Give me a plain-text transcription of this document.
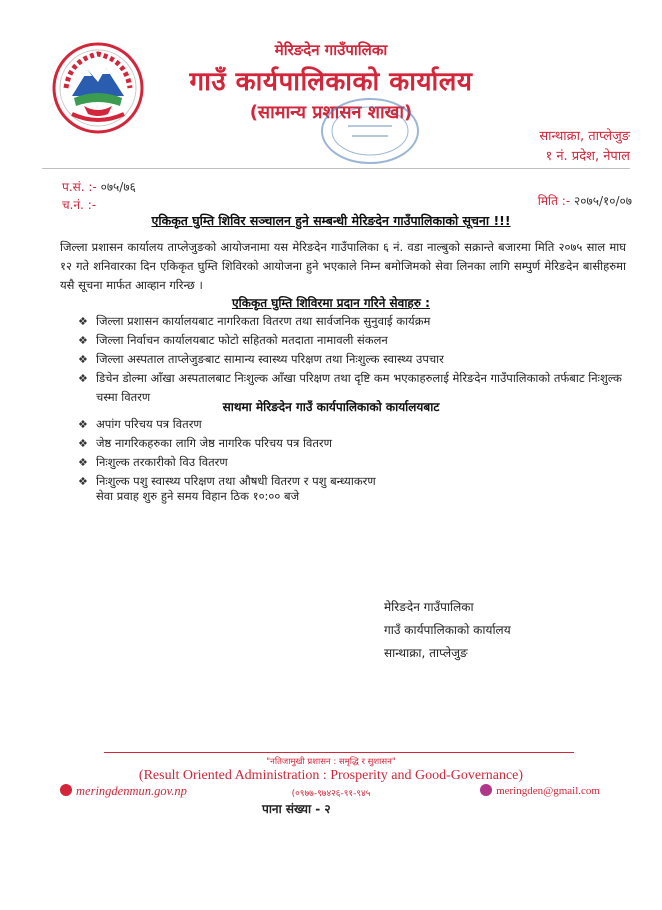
मेरिङदेन गाउँपालिका
गाउँ कार्यपालिकाको कार्यालय
(सामान्य प्रशासन शाखा)
सान्थाक्रा, ताप्लेजुङ
१ नं. प्रदेश, नेपाल
प.सं. :- ०७५/७६
च.नं. :-	मिति :- २०७५/१०/०७
एकिकृत घुम्ति शिविर सञ्चालन हुने सम्बन्धी मेरिङदेन गाउँपालिकाको सूचना !!!
जिल्ला प्रशासन कार्यालय ताप्लेजुङको आयोजनामा यस मेरिङदेन गाउँपालिका ६ नं. वडा नाल्बुको सक्रान्ते बजारमा मिति २०७५ साल माघ १२ गते शनिवारका दिन एकिकृत घुम्ति शिविरको आयोजना हुने भएकाले निम्न बमोजिमको सेवा लिनका लागि सम्पुर्ण मेरिङदेन बासीहरुमा यसै सूचना मार्फत आव्हान गरिन्छ ।
एकिकृत घुम्ति शिविरमा प्रदान गरिने सेवाहरु :
❖ जिल्ला प्रशासन कार्यालयबाट नागरिकता वितरण तथा सार्वजनिक सुनुवाई कार्यक्रम
❖ जिल्ला निर्वाचन कार्यालयबाट फोटो सहितको मतदाता नामावली संकलन
❖ जिल्ला अस्पताल ताप्लेजुङबाट सामान्य स्वास्थ्य परिक्षण तथा निःशुल्क स्वास्थ्य उपचार
❖ डिचेन डोल्मा आँखा अस्पतालबाट निःशुल्क आँखा परिक्षण तथा दृष्टि कम भएकाहरुलाई मेरिङदेन गाउँपालिकाको तर्फबाट निःशुल्क चस्मा वितरण
साथमा मेरिङदेन गाउँ कार्यपालिकाको कार्यालयबाट
❖ अपांग परिचय पत्र वितरण
❖ जेष्ठ नागरिकहरुका लागि जेष्ठ नागरिक परिचय पत्र वितरण
❖ निःशुल्क तरकारीको विउ वितरण
❖ निःशुल्क पशु स्वास्थ्य परिक्षण तथा औषधी वितरण र पशु बन्ध्याकरण
सेवा प्रवाह शुरु हुने समय विहान ठिक १०:०० बजे
मेरिङदेन गाउँपालिका
गाउँ कार्यपालिकाको कार्यालय
सान्थाक्रा, ताप्लेजुङ
"नतिजामुखी प्रशासन : समृद्धि र सुशासन"
(Result Oriented Administration : Prosperity and Good-Governance)
meringdenmun.gov.np	(०९७७-९७४२६-९१-९४५	meringden@gmail.com
पाना संख्या - २
